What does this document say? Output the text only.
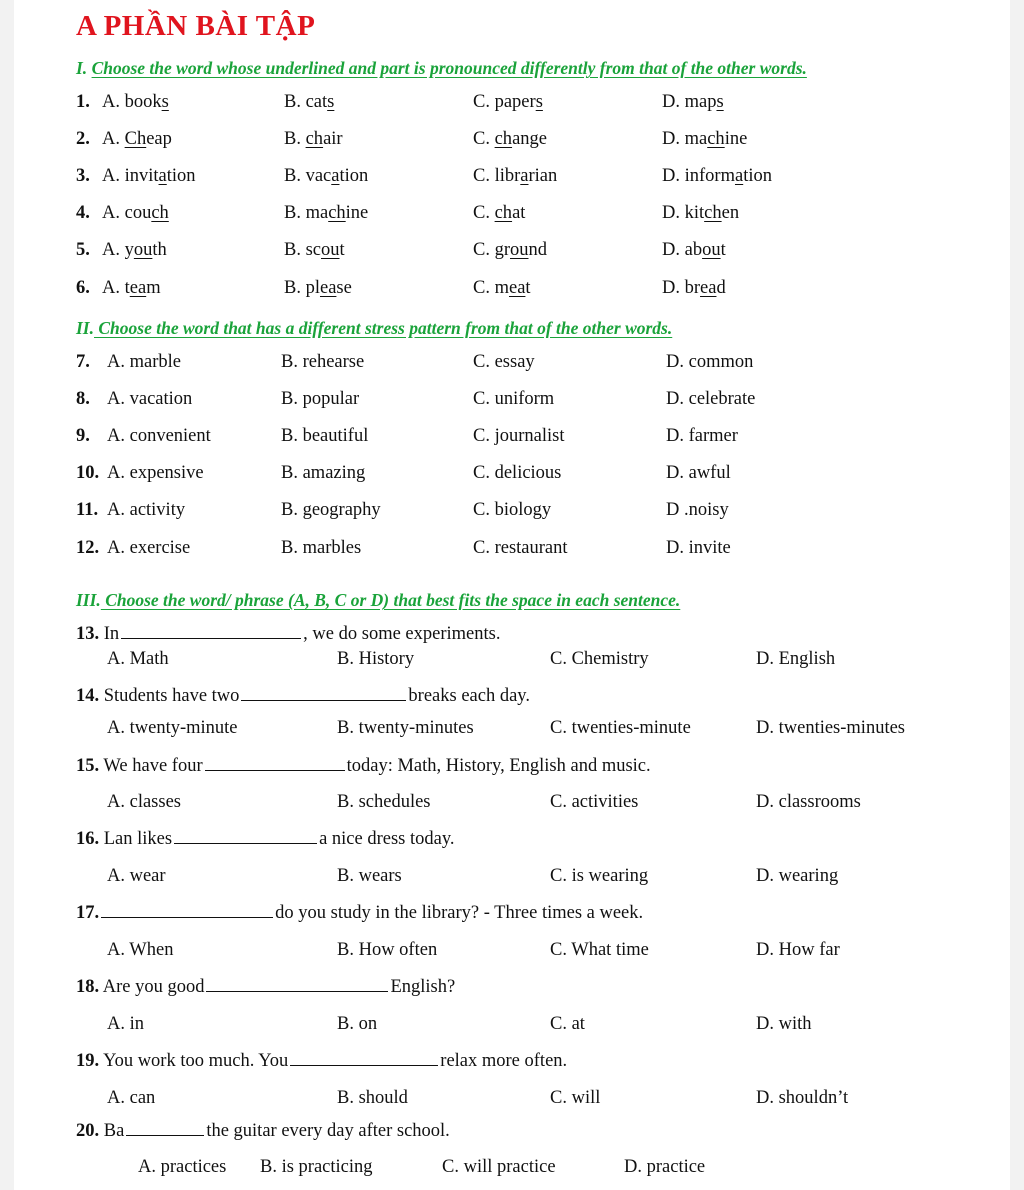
A PHẦN BÀI TẬP
I. Choose the word whose underlined and part is pronounced differently from that of the other words.
1. A. books	B. cats	C. papers	D. maps
2. A. Cheap	B. chair	C. change	D. machine
3. A. invitation	B. vacation	C. librarian	D. information
4. A. couch	B. machine	C. chat	D. kitchen
5. A. youth	B. scout	C. ground	D. about
6. A. team	B. please	C. meat	D. bread
II. Choose the word that has a different stress pattern from that of the other words.
7. A. marble	B. rehearse	C. essay	D. common
8. A. vacation	B. popular	C. uniform	D. celebrate
9. A. convenient	B. beautiful	C. journalist	D. farmer
10. A. expensive	B. amazing	C. delicious	D. awful
11. A. activity	B. geography	C. biology	D .noisy
12. A. exercise	B. marbles	C. restaurant	D. invite
III. Choose the word/ phrase (A, B, C or D) that best fits the space in each sentence.
13. In	, we do some experiments.
A. Math	B. History	C. Chemistry	D. English
14. Students have two	breaks each day.
A. twenty-minute	B. twenty-minutes	C. twenties-minute	D. twenties-minutes
15. We have four	today: Math, History, English and music.
A. classes	B. schedules	C. activities	D. classrooms
16. Lan likes	a nice dress today.
A. wear	B. wears	C. is wearing	D. wearing
17.	do you study in the library? - Three times a week.
A. When	B. How often	C. What time	D. How far
18. Are you good	English?
A. in	B. on	C. at	D. with
19. You work too much. You	relax more often.
A. can	B. should	C. will	D. shouldn’t
20. Ba	the guitar every day after school.
A. practices B. is practicing	C. will practice	D. practice
